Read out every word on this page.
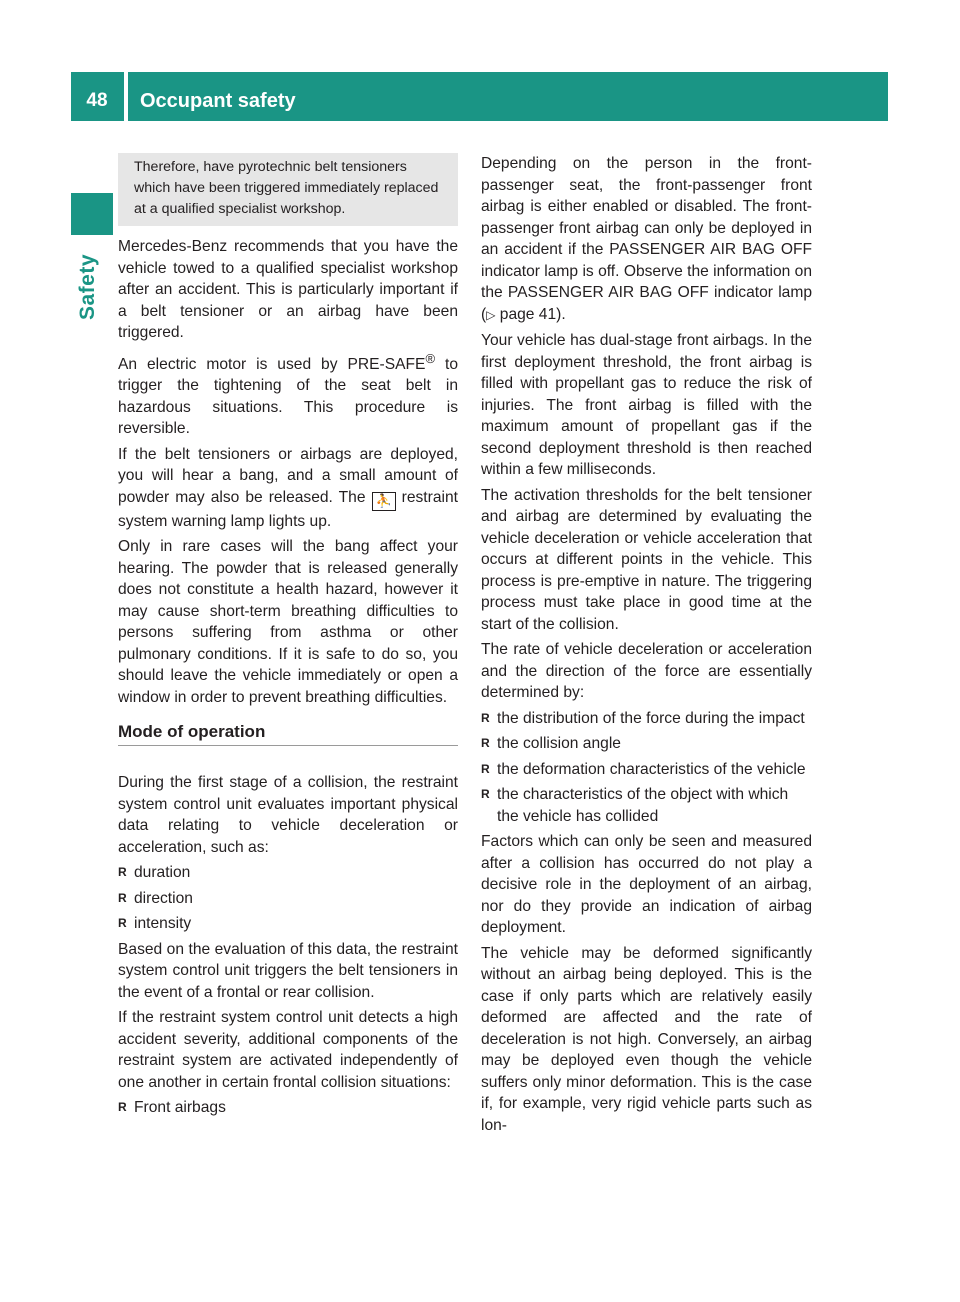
48	Occupant safety
Safety
Therefore, have pyrotechnic belt tensioners which have been triggered immediately replaced at a qualified specialist workshop.

Mercedes-Benz recommends that you have the vehicle towed to a qualified specialist workshop after an accident. This is particularly important if a belt tensioner or an airbag have been triggered.

An electric motor is used by PRE-SAFE® to trigger the tightening of the seat belt in hazardous situations. This procedure is reversible.

If the belt tensioners or airbags are deployed, you will hear a bang, and a small amount of powder may also be released. The ⛹ restraint system warning lamp lights up.

Only in rare cases will the bang affect your hearing. The powder that is released generally does not constitute a health hazard, however it may cause short-term breathing difficulties to persons suffering from asthma or other pulmonary conditions. If it is safe to do so, you should leave the vehicle immediately or open a window in order to prevent breathing difficulties.

Mode of operation

During the first stage of a collision, the restraint system control unit evaluates important physical data relating to vehicle deceleration or acceleration, such as:

R duration
R direction
R intensity

Based on the evaluation of this data, the restraint system control unit triggers the belt tensioners in the event of a frontal or rear collision.

If the restraint system control unit detects a high accident severity, additional components of the restraint system are activated independently of one another in certain frontal collision situations:

R Front airbags

Depending on the person in the front-passenger seat, the front-passenger front airbag is either enabled or disabled. The front-passenger front airbag can only be deployed in an accident if the PASSENGER AIR BAG OFF indicator lamp is off. Observe the information on the PASSENGER AIR BAG OFF indicator lamp (▷ page 41).

Your vehicle has dual-stage front airbags. In the first deployment threshold, the front airbag is filled with propellant gas to reduce the risk of injuries. The front airbag is filled with the maximum amount of propellant gas if the second deployment threshold is then reached within a few milliseconds.

The activation thresholds for the belt tensioner and airbag are determined by evaluating the vehicle deceleration or vehicle acceleration that occurs at different points in the vehicle. This process is pre-emptive in nature. The triggering process must take place in good time at the start of the collision.

The rate of vehicle deceleration or acceleration and the direction of the force are essentially determined by:

R the distribution of the force during the impact
R the collision angle
R the deformation characteristics of the vehicle
R the characteristics of the object with which the vehicle has collided

Factors which can only be seen and measured after a collision has occurred do not play a decisive role in the deployment of an airbag, nor do they provide an indication of airbag deployment.

The vehicle may be deformed significantly without an airbag being deployed. This is the case if only parts which are relatively easily deformed are affected and the rate of deceleration is not high. Conversely, an airbag may be deployed even though the vehicle suffers only minor deformation. This is the case if, for example, very rigid vehicle parts such as lon-
